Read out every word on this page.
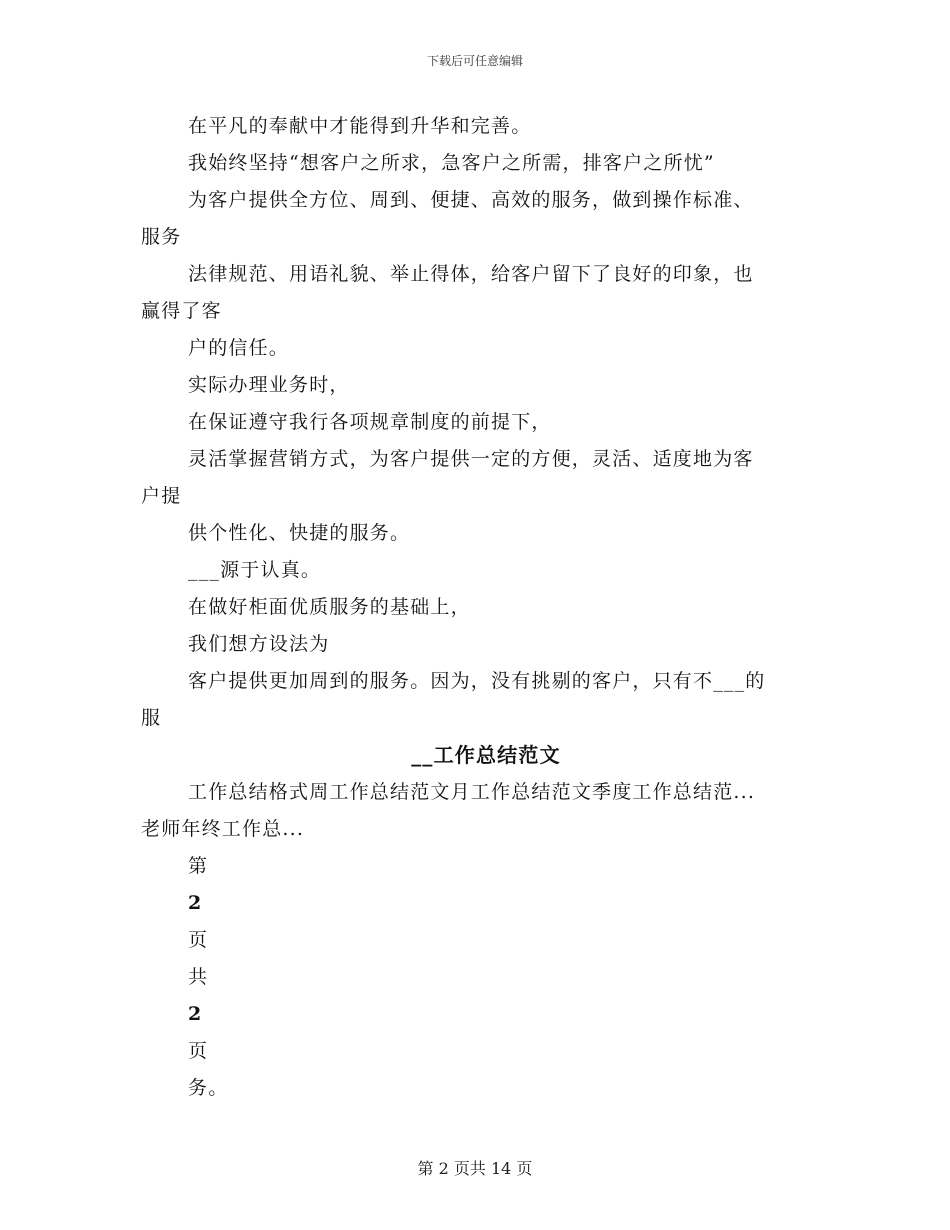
下载后可任意编辑
在平凡的奉献中才能得到升华和完善。
我始终坚持“想客户之所求，急客户之所需，排客户之所忧”
为客户提供全方位、周到、便捷、高效的服务，做到操作标准、
服务
法律规范、用语礼貌、举止得体，给客户留下了良好的印象，也
赢得了客
户的信任。
实际办理业务时，
在保证遵守我行各项规章制度的前提下，
灵活掌握营销方式，为客户提供一定的方便，灵活、适度地为客
户提
供个性化、快捷的服务。
___源于认真。
在做好柜面优质服务的基础上，
我们想方设法为
客户提供更加周到的服务。因为，没有挑剔的客户，只有不___的
服
__工作总结范文
工作总结格式周工作总结范文月工作总结范文季度工作总结范...
老师年终工作总...
第
2
页
共
2
页
务。
第 2 页共 14 页
